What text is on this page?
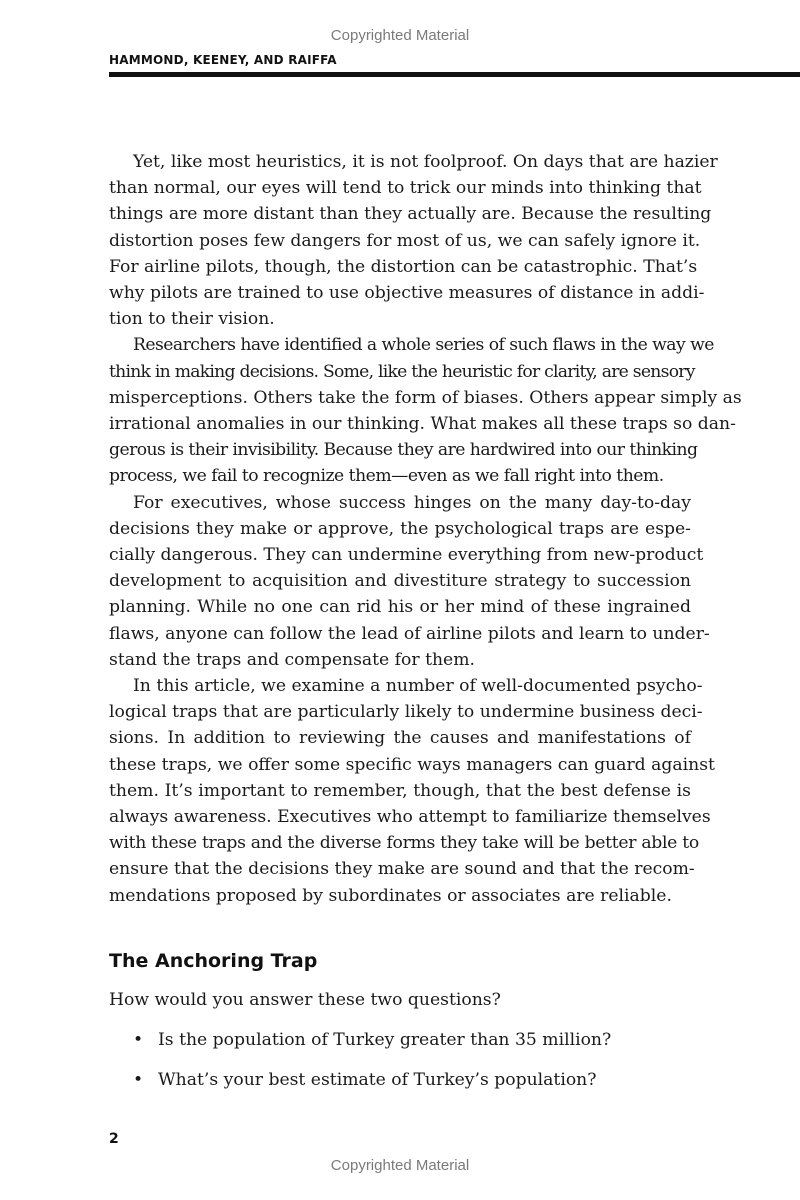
Copyrighted Material
HAMMOND, KEENEY, AND RAIFFA

Yet, like most heuristics, it is not foolproof. On days that are hazier
than normal, our eyes will tend to trick our minds into thinking that
things are more distant than they actually are. Because the resulting
distortion poses few dangers for most of us, we can safely ignore it.
For airline pilots, though, the distortion can be catastrophic. That’s
why pilots are trained to use objective measures of distance in addi-
tion to their vision.

Researchers have identified a whole series of such flaws in the way we
think in making decisions. Some, like the heuristic for clarity, are sensory
misperceptions. Others take the form of biases. Others appear simply as
irrational anomalies in our thinking. What makes all these traps so dan-
gerous is their invisibility. Because they are hardwired into our thinking
process, we fail to recognize them—even as we fall right into them.

For executives, whose success hinges on the many day-to-day
decisions they make or approve, the psychological traps are espe-
cially dangerous. They can undermine everything from new-product
development to acquisition and divestiture strategy to succession
planning. While no one can rid his or her mind of these ingrained
flaws, anyone can follow the lead of airline pilots and learn to under-
stand the traps and compensate for them.

In this article, we examine a number of well-documented psycho-
logical traps that are particularly likely to undermine business deci-
sions. In addition to reviewing the causes and manifestations of
these traps, we offer some specific ways managers can guard against
them. It’s important to remember, though, that the best defense is
always awareness. Executives who attempt to familiarize themselves
with these traps and the diverse forms they take will be better able to
ensure that the decisions they make are sound and that the recom-
mendations proposed by subordinates or associates are reliable.

The Anchoring Trap
How would you answer these two questions?
• Is the population of Turkey greater than 35 million?
• What’s your best estimate of Turkey’s population?
2
Copyrighted Material
